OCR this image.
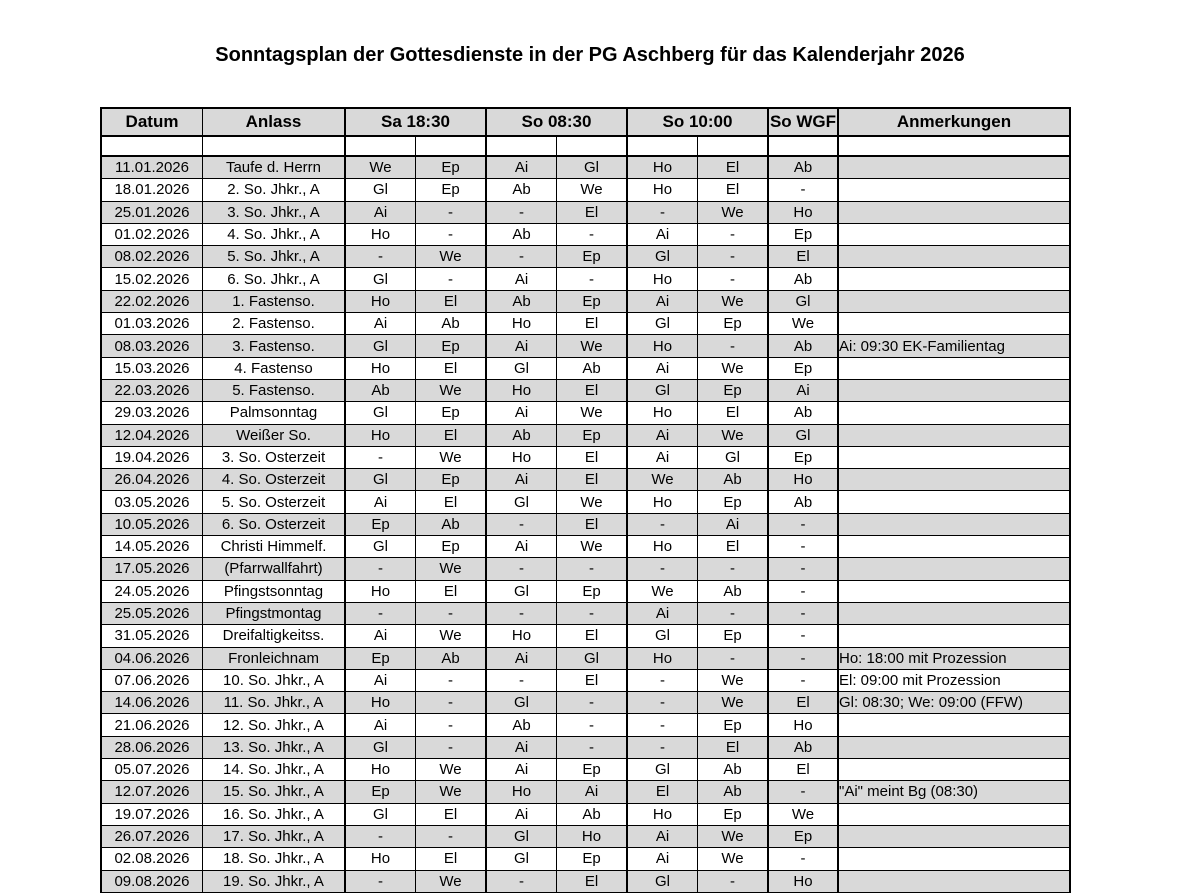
Sonntagsplan der Gottesdienste in der PG Aschberg für das Kalenderjahr 2026
Datum	Anlass	Sa 18:30		So 08:30		So 10:00		So WGF	Anmerkungen

11.01.2026	Taufe d. Herrn	We	Ep	Ai	Gl	Ho	El	Ab	
18.01.2026	2. So. Jhkr., A	Gl	Ep	Ab	We	Ho	El	-	
25.01.2026	3. So. Jhkr., A	Ai	-	-	El	-	We	Ho	
01.02.2026	4. So. Jhkr., A	Ho	-	Ab	-	Ai	-	Ep	
08.02.2026	5. So. Jhkr., A	-	We	-	Ep	Gl	-	El	
15.02.2026	6. So. Jhkr., A	Gl	-	Ai	-	Ho	-	Ab	
22.02.2026	1. Fastenso.	Ho	El	Ab	Ep	Ai	We	Gl	
01.03.2026	2. Fastenso.	Ai	Ab	Ho	El	Gl	Ep	We	
08.03.2026	3. Fastenso.	Gl	Ep	Ai	We	Ho	-	Ab	Ai: 09:30 EK-Familientag
15.03.2026	4. Fastenso	Ho	El	Gl	Ab	Ai	We	Ep	
22.03.2026	5. Fastenso.	Ab	We	Ho	El	Gl	Ep	Ai	
29.03.2026	Palmsonntag	Gl	Ep	Ai	We	Ho	El	Ab	
12.04.2026	Weißer So.	Ho	El	Ab	Ep	Ai	We	Gl	
19.04.2026	3. So. Osterzeit	-	We	Ho	El	Ai	Gl	Ep	
26.04.2026	4. So. Osterzeit	Gl	Ep	Ai	El	We	Ab	Ho	
03.05.2026	5. So. Osterzeit	Ai	El	Gl	We	Ho	Ep	Ab	
10.05.2026	6. So. Osterzeit	Ep	Ab	-	El	-	Ai	-	
14.05.2026	Christi Himmelf.	Gl	Ep	Ai	We	Ho	El	-	
17.05.2026	(Pfarrwallfahrt)	-	We	-	-	-	-	-	
24.05.2026	Pfingstsonntag	Ho	El	Gl	Ep	We	Ab	-	
25.05.2026	Pfingstmontag	-	-	-	-	Ai	-	-	
31.05.2026	Dreifaltigkeitss.	Ai	We	Ho	El	Gl	Ep	-	
04.06.2026	Fronleichnam	Ep	Ab	Ai	Gl	Ho	-	-	Ho: 18:00 mit Prozession
07.06.2026	10. So. Jhkr., A	Ai	-	-	El	-	We	-	El: 09:00 mit Prozession
14.06.2026	11. So. Jhkr., A	Ho	-	Gl	-	-	We	El	Gl: 08:30; We: 09:00 (FFW)
21.06.2026	12. So. Jhkr., A	Ai	-	Ab	-	-	Ep	Ho	
28.06.2026	13. So. Jhkr., A	Gl	-	Ai	-	-	El	Ab	
05.07.2026	14. So. Jhkr., A	Ho	We	Ai	Ep	Gl	Ab	El	
12.07.2026	15. So. Jhkr., A	Ep	We	Ho	Ai	El	Ab	-	"Ai" meint Bg (08:30)
19.07.2026	16. So. Jhkr., A	Gl	El	Ai	Ab	Ho	Ep	We	
26.07.2026	17. So. Jhkr., A	-	-	Gl	Ho	Ai	We	Ep	
02.08.2026	18. So. Jhkr., A	Ho	El	Gl	Ep	Ai	We	-	
09.08.2026	19. So. Jhkr., A	-	We	-	El	Gl	-	Ho	
